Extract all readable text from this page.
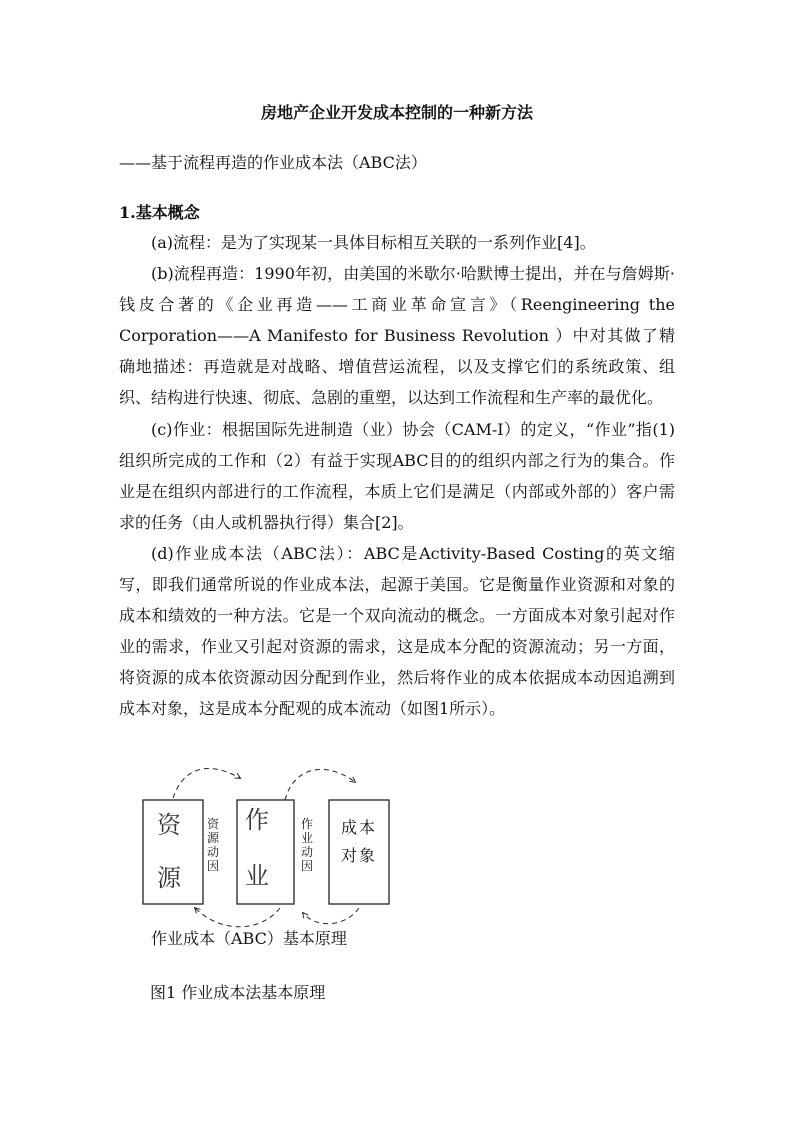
房地产企业开发成本控制的一种新方法
——基于流程再造的作业成本法（ABC法）
1.基本概念

(a)流程：是为了实现某一具体目标相互关联的一系列作业[4]。

(b)流程再造：1990年初，由美国的米歇尔·哈默博士提出，并在与詹姆斯·钱皮合著的《企业再造——工商业革命宣言》（Reengineering the Corporation——A Manifesto for Business Revolution ）中对其做了精确地描述：再造就是对战略、增值营运流程，以及支撑它们的系统政策、组织、结构进行快速、彻底、急剧的重塑，以达到工作流程和生产率的最优化。

(c)作业：根据国际先进制造（业）协会（CAM-I）的定义，“作业”指(1)组织所完成的工作和（2）有益于实现ABC目的的组织内部之行为的集合。作业是在组织内部进行的工作流程，本质上它们是满足（内部或外部的）客户需求的任务（由人或机器执行得）集合[2]。

(d)作业成本法（ABC法）：ABC是Activity-Based Costing的英文缩写，即我们通常所说的作业成本法，起源于美国。它是衡量作业资源和对象的成本和绩效的一种方法。它是一个双向流动的概念。一方面成本对象引起对作业的需求，作业又引起对资源的需求，这是成本分配的资源流动；另一方面，将资源的成本依资源动因分配到作业，然后将作业的成本依据成本动因追溯到成本对象，这是成本分配观的成本流动（如图1所示）。

资
源
作
业
成 本
对 象
资
源
动
因
作
业
动
因
作业成本（ABC）基本原理
图1 作业成本法基本原理
